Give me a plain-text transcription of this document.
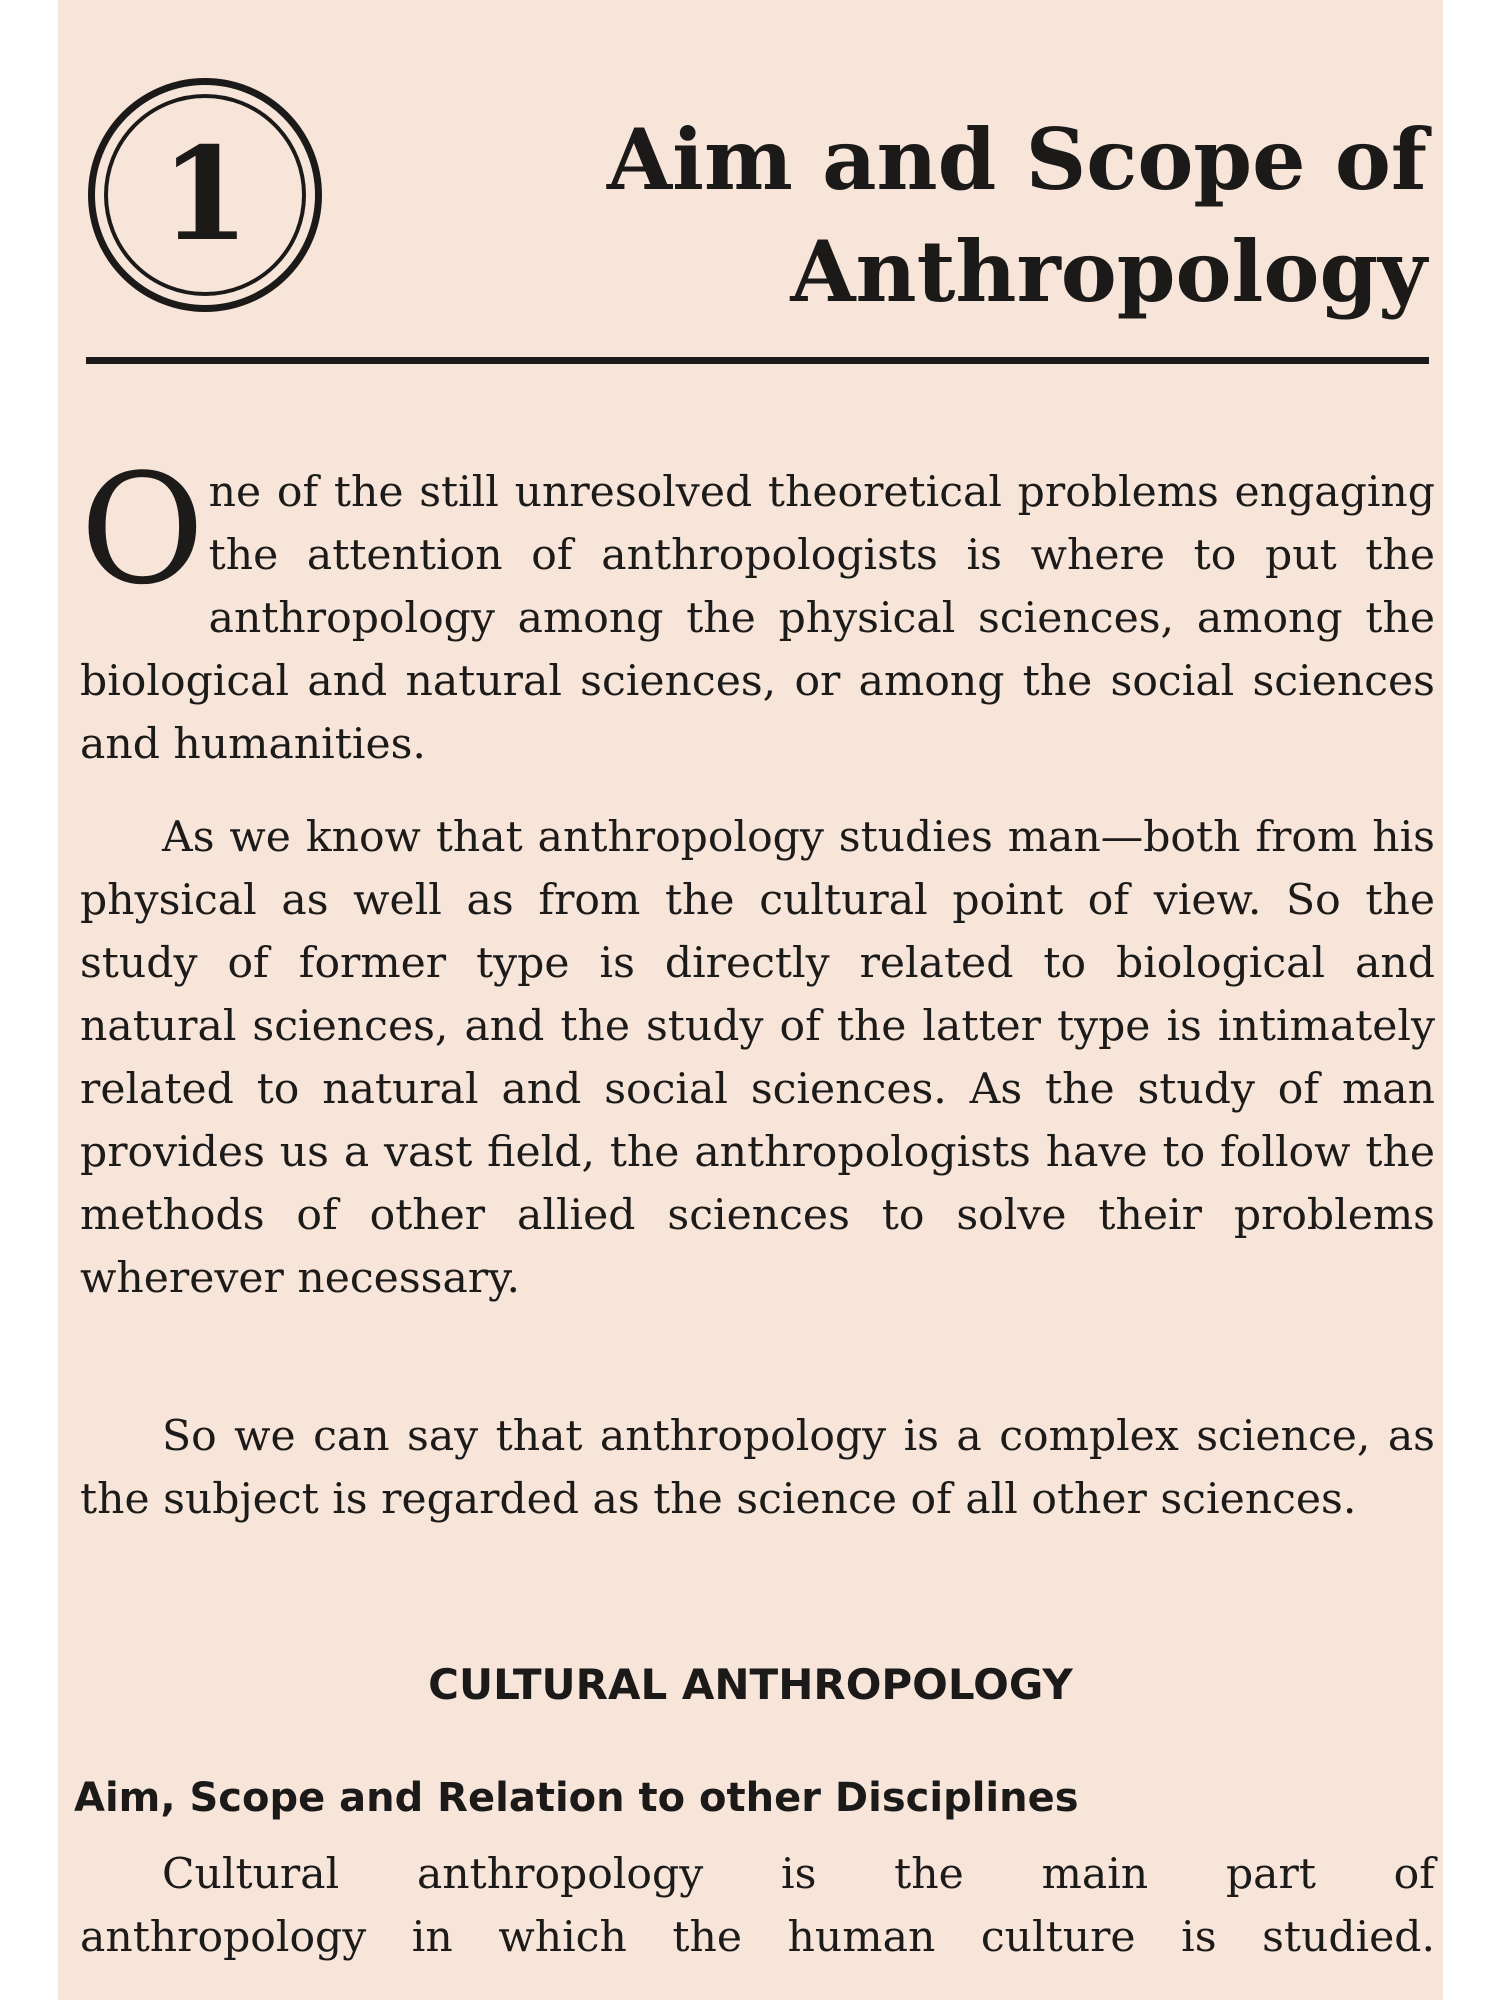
1	Aim and Scope of
Anthropology

One of the still unresolved theoretical problems engaging the attention of anthropologists is where to put the anthropology among the physical sciences, among the biological and natural sciences, or among the social sciences and humanities.

As we know that anthropology studies man—both from his physical as well as from the cultural point of view. So the study of former type is directly related to biological and natural sciences, and the study of the latter type is intimately related to natural and social sciences. As the study of man provides us a vast field, the anthropologists have to follow the methods of other allied sciences to solve their problems wherever necessary.

So we can say that anthropology is a complex science, as the subject is regarded as the science of all other sciences.

CULTURAL ANTHROPOLOGY
Aim, Scope and Relation to other Disciplines

Cultural anthropology is the main part of
anthropology in which the human culture is studied.
